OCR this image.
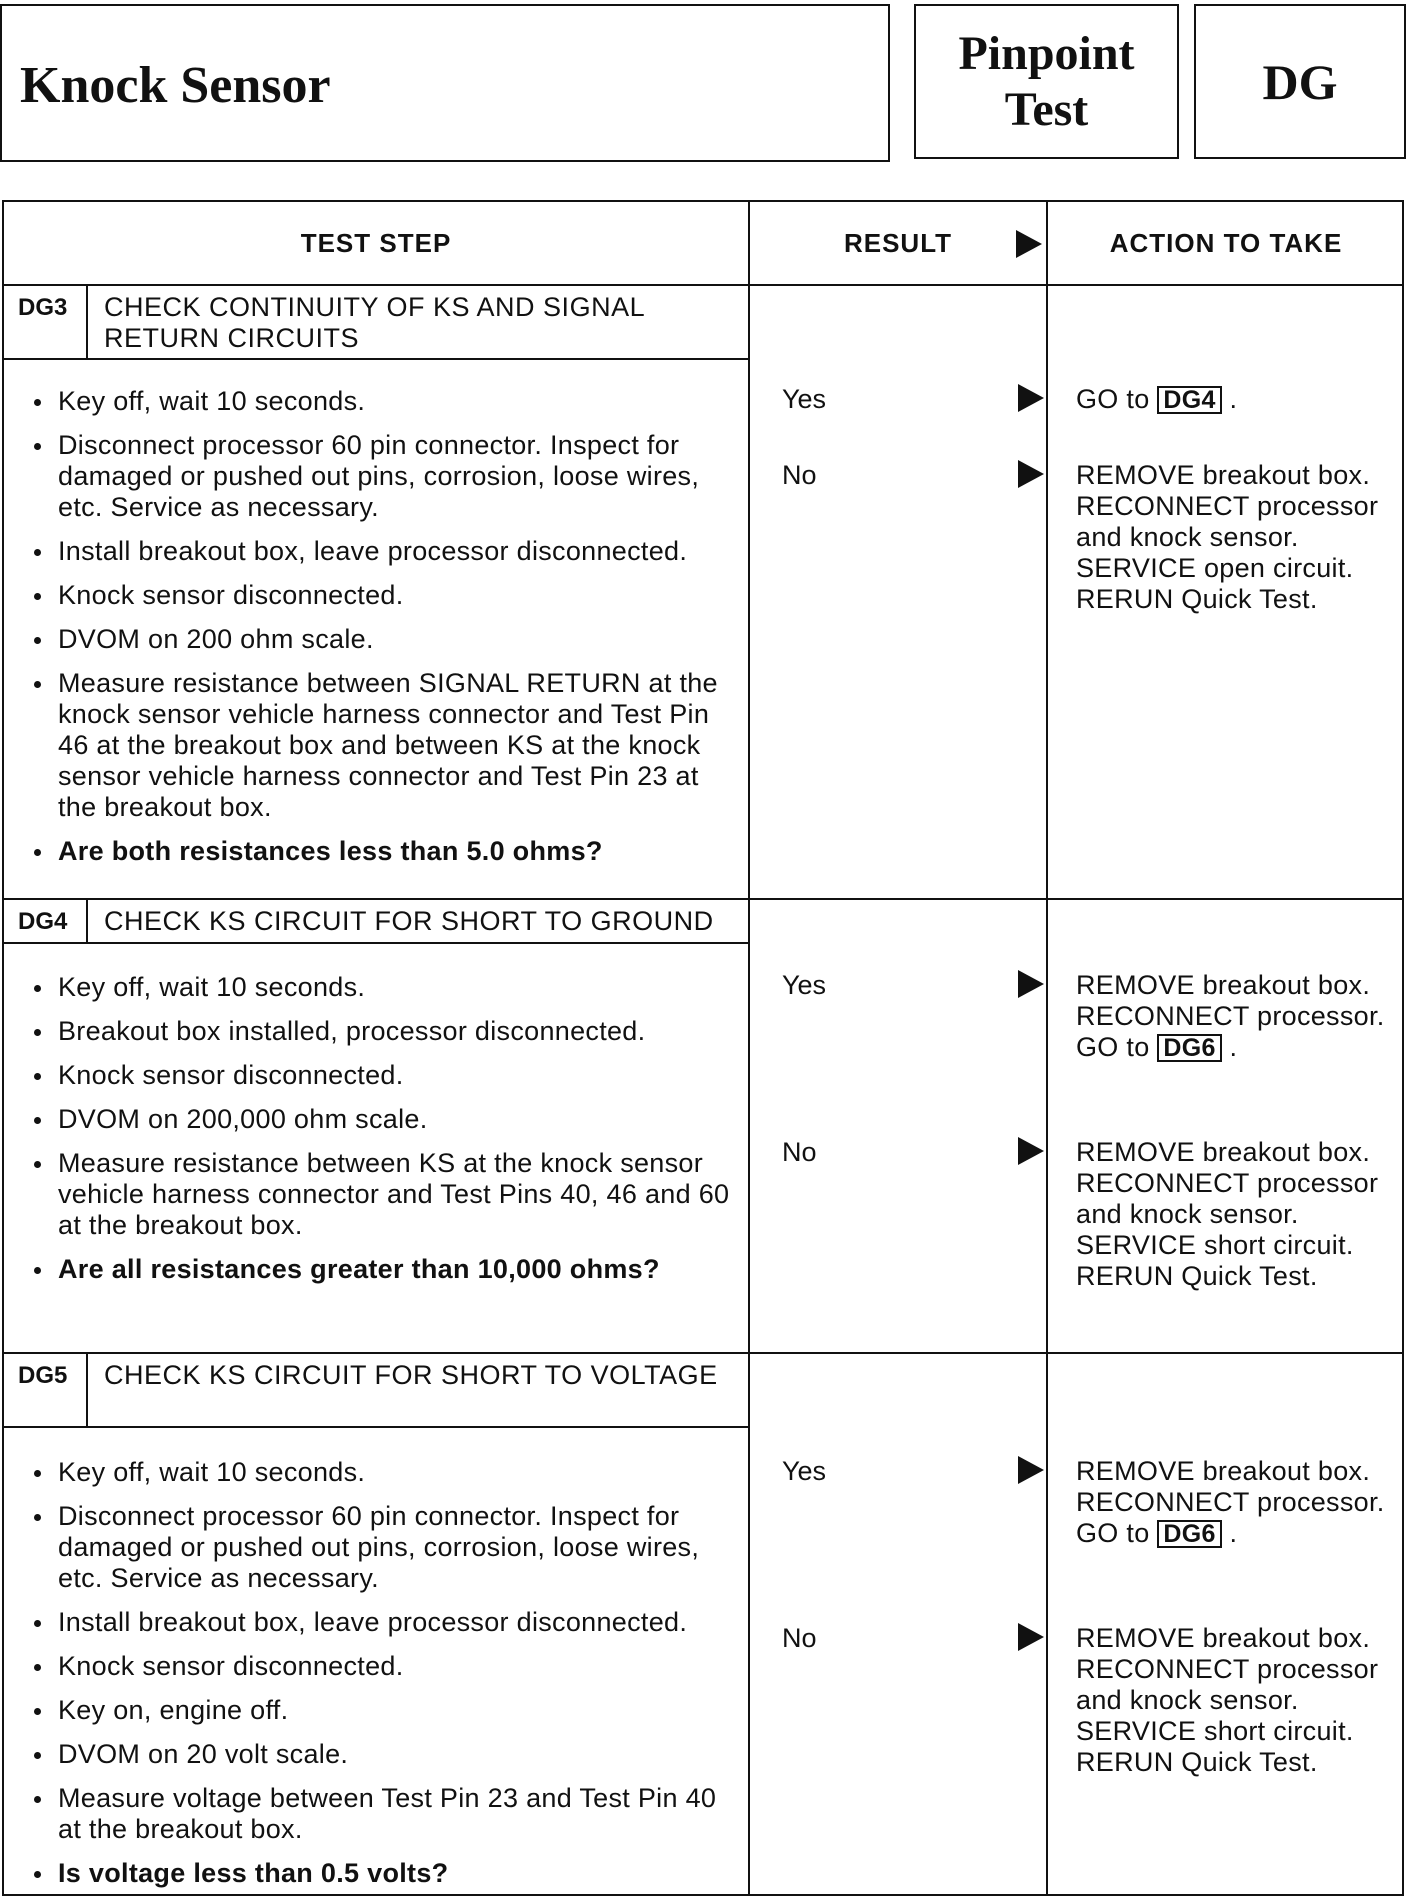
Knock Sensor
Pinpoint
Test	DG
TEST STEP	RESULT	ACTION TO TAKE
DG3	CHECK CONTINUITY OF KS AND SIGNAL RETURN CIRCUITS
Key off, wait 10 seconds.
Disconnect processor 60 pin connector. Inspect for damaged or pushed out pins, corrosion, loose wires, etc. Service as necessary.
Install breakout box, leave processor disconnected.
Knock sensor disconnected.
DVOM on 200 ohm scale.
Measure resistance between SIGNAL RETURN at the knock sensor vehicle harness connector and Test Pin 46 at the breakout box and between KS at the knock sensor vehicle harness connector and Test Pin 23 at the breakout box.
Are both resistances less than 5.0 ohms?
Yes	GO to DG4 .
No	REMOVE breakout box. RECONNECT processor and knock sensor. SERVICE open circuit. RERUN Quick Test.
DG4	CHECK KS CIRCUIT FOR SHORT TO GROUND
Key off, wait 10 seconds.
Breakout box installed, processor disconnected.
Knock sensor disconnected.
DVOM on 200,000 ohm scale.
Measure resistance between KS at the knock sensor vehicle harness connector and Test Pins 40, 46 and 60 at the breakout box.
Are all resistances greater than 10,000 ohms?
Yes	REMOVE breakout box. RECONNECT processor. GO to DG6 .
No	REMOVE breakout box. RECONNECT processor and knock sensor. SERVICE short circuit. RERUN Quick Test.
DG5	CHECK KS CIRCUIT FOR SHORT TO VOLTAGE
Key off, wait 10 seconds.
Disconnect processor 60 pin connector. Inspect for damaged or pushed out pins, corrosion, loose wires, etc. Service as necessary.
Install breakout box, leave processor disconnected.
Knock sensor disconnected.
Key on, engine off.
DVOM on 20 volt scale.
Measure voltage between Test Pin 23 and Test Pin 40 at the breakout box.
Is voltage less than 0.5 volts?
Yes	REMOVE breakout box. RECONNECT processor. GO to DG6 .
No	REMOVE breakout box. RECONNECT processor and knock sensor. SERVICE short circuit. RERUN Quick Test.
